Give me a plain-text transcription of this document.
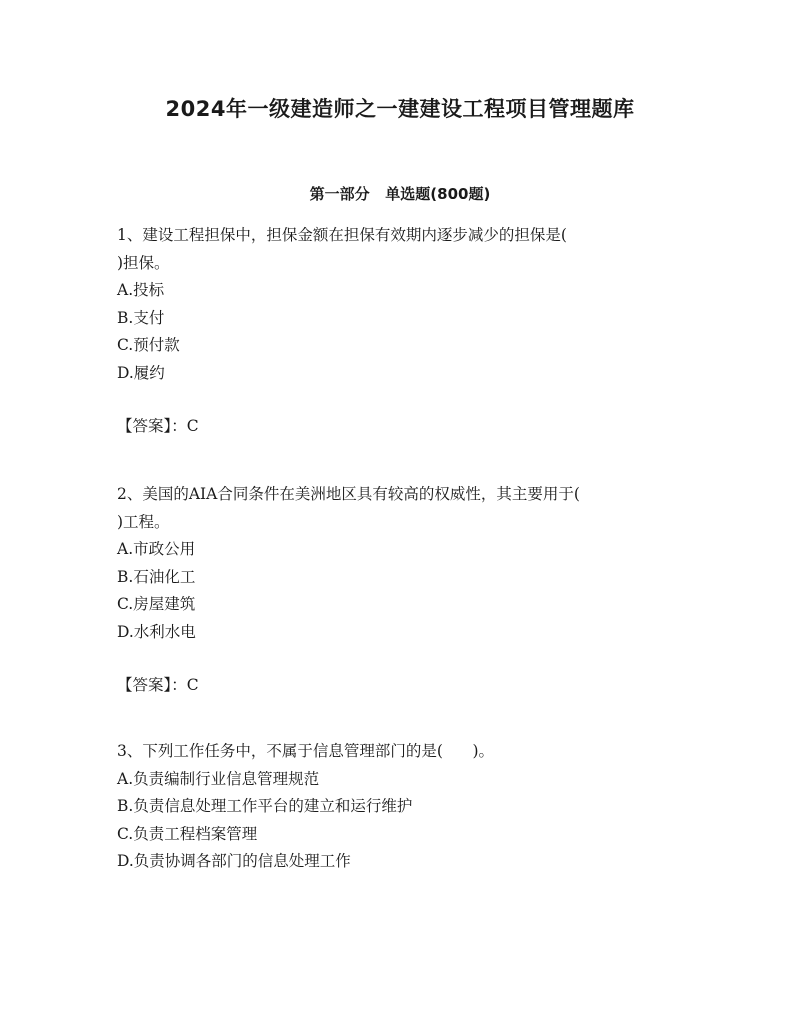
2024年一级建造师之一建建设工程项目管理题库
第一部分   单选题(800题)
1、建设工程担保中，担保金额在担保有效期内逐步减少的担保是(
)担保。
A.投标
B.支付
C.预付款
D.履约
【答案】：C
2、美国的AIA合同条件在美洲地区具有较高的权威性，其主要用于(
)工程。
A.市政公用
B.石油化工
C.房屋建筑
D.水利水电
【答案】：C
3、下列工作任务中，不属于信息管理部门的是(      )。
A.负责编制行业信息管理规范
B.负责信息处理工作平台的建立和运行维护
C.负责工程档案管理
D.负责协调各部门的信息处理工作
